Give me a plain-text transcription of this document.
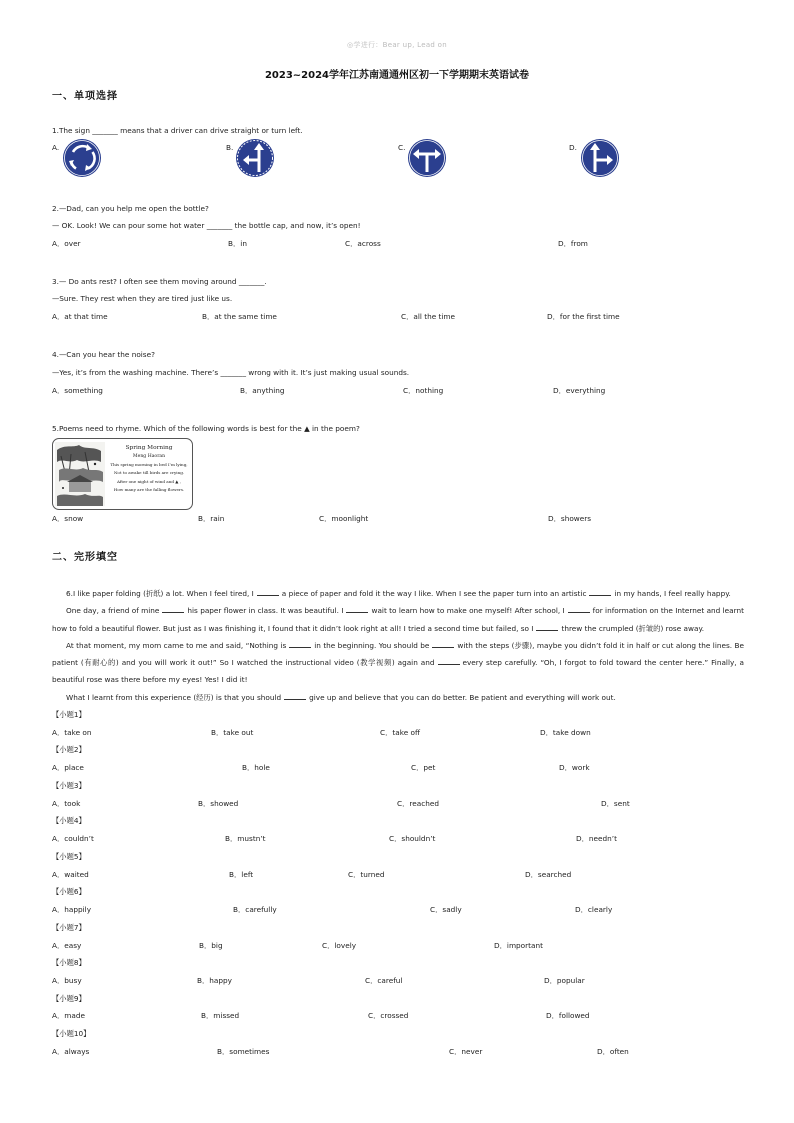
◎学进行：Bear up, Lead on
2023~2024学年江苏南通通州区初一下学期期末英语试卷
一、单项选择
1.The sign _______ means that a driver can drive straight or turn left.
A.	B.	C.	D.
2.—Dad, can you help me open the bottle?
— OK. Look! We can pour some hot water _______ the bottle cap, and now, it’s open!
A．over	B．in	C．across	D．from
3.— Do ants rest? I often see them moving around _______.
—Sure. They rest when they are tired just like us.
A．at that time	B．at the same time	C．all the time	D．for the first time
4.—Can you hear the noise?
—Yes, it’s from the washing machine. There’s _______ wrong with it. It’s just making usual sounds.
A．something	B．anything	C．nothing	D．everything
5.Poems need to rhyme. Which of the following words is best for the ▲ in the poem?
Spring Morning
Meng Haoran
This spring morning in bed I’m lying,
Not to awake till birds are crying.
After one night of wind and ▲ ,
How many are the falling flowers.
A．snow	B．rain	C．moonlight	D．showers
二、完形填空

6.I like paper folding (折纸) a lot. When I feel tired, I	a piece of paper and fold it the way I like. When I see the paper turn into an artistic	in my hands, I feel really happy.

One day, a friend of mine	his paper flower in class. It was beautiful. I	wait to learn how to make one myself! After school, I	for information on the Internet and learnt how to fold a beautiful flower. But just as I was finishing it, I found that it didn’t look right at all! I tried a second time but failed, so I	threw the crumpled (折皱的) rose away.

At that moment, my mom came to me and said, “Nothing is	in the beginning. You should be	with the steps (步骤), maybe you didn’t fold it in half or cut along the lines. Be patient (有耐心的) and you will work it out!” So I watched the instructional video (教学视频) again and	every step carefully. “Oh, I forgot to fold toward the center here.” Finally, a beautiful rose was there before my eyes! Yes! I did it!

What I learnt from this experience (经历) is that you should	give up and believe that you can do better. Be patient and everything will work out.

【小题1】
A．take on	B．take out	C．take off	D．take down
【小题2】
A．place	B．hole	C．pet	D．work
【小题3】
A．took	B．showed	C．reached	D．sent
【小题4】
A．couldn’t	B．mustn’t	C．shouldn’t	D．needn’t
【小题5】
A．waited	B．left	C．turned	D．searched
【小题6】
A．happily	B．carefully	C．sadly	D．clearly
【小题7】
A．easy	B．big	C．lovely	D．important
【小题8】
A．busy	B．happy	C．careful	D．popular
【小题9】
A．made	B．missed	C．crossed	D．followed
【小题10】
A．always	B．sometimes	C．never	D．often
